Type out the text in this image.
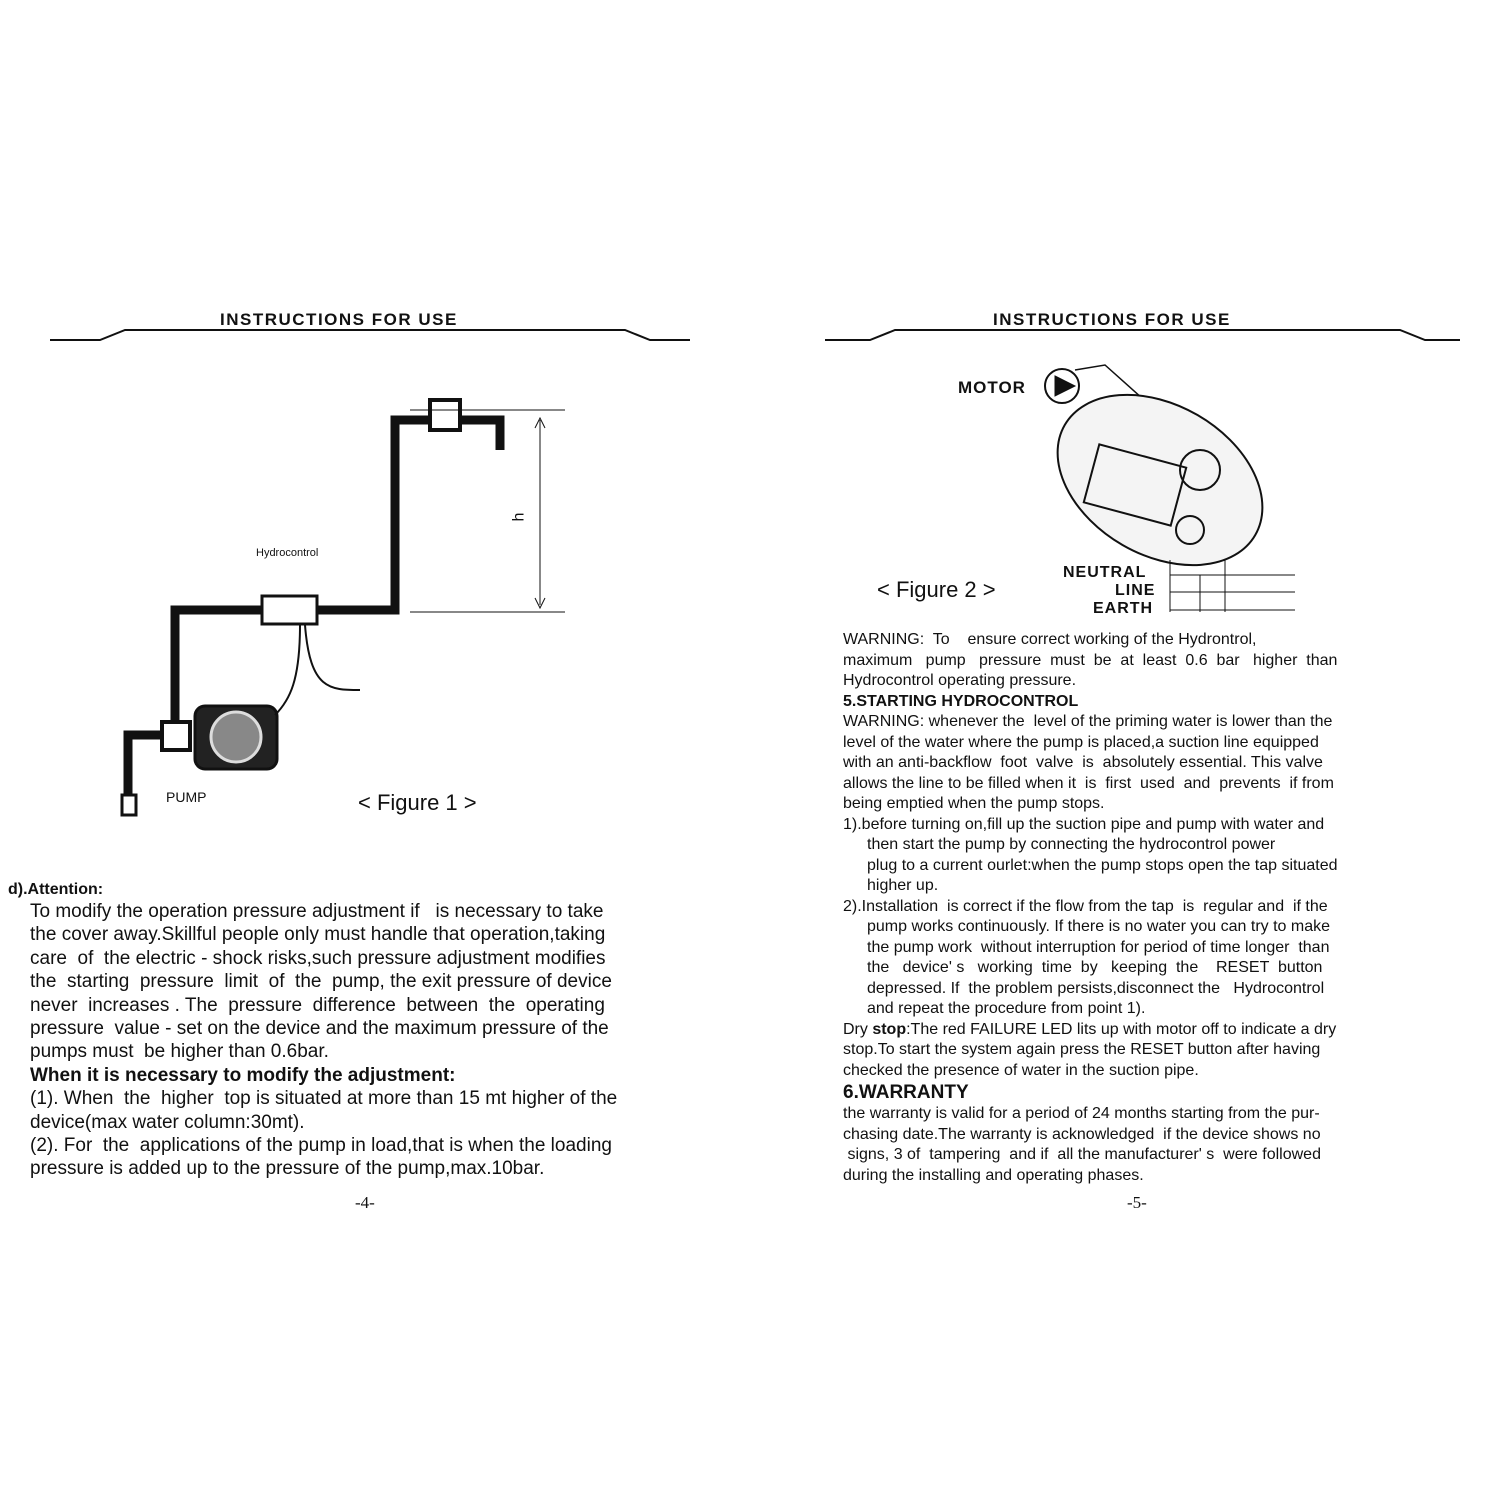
INSTRUCTIONS FOR USE
Hydrocontrol
PUMP
h
< Figure 1 >
d).Attention:
To modify the operation pressure adjustment if   is necessary to take
the cover away.Skillful people only must handle that operation,taking
care  of  the electric - shock risks,such pressure adjustment modifies
the  starting  pressure  limit  of  the  pump, the exit pressure of device
never  increases . The  pressure  difference  between  the  operating
pressure  value - set on the device and the maximum pressure of the
pumps must  be higher than 0.6bar.
When it is necessary to modify the adjustment:
(1). When  the  higher  top is situated at more than 15 mt higher of the
device(max water column:30mt).
(2). For  the  applications of the pump in load,that is when the loading
pressure is added up to the pressure of the pump,max.10bar.
-4-
INSTRUCTIONS FOR USE
MOTOR
NEUTRAL
LINE
EARTH
< Figure 2 >
WARNING:  To    ensure correct working of the Hydrontrol,
maximum   pump   pressure  must  be  at  least  0.6  bar   higher  than
Hydrocontrol operating pressure.
5.STARTING HYDROCONTROL
WARNING: whenever the  level of the priming water is lower than the
level of the water where the pump is placed,a suction line equipped
with an anti-backflow  foot  valve  is  absolutely essential. This valve
allows the line to be filled when it  is  first  used  and  prevents  if from
being emptied when the pump stops.
1).before turning on,fill up the suction pipe and pump with water and
then start the pump by connecting the hydrocontrol power
plug to a current ourlet:when the pump stops open the tap situated
higher up.
2).Installation  is correct if the flow from the tap  is  regular and  if the
pump works continuously. If there is no water you can try to make
the pump work  without interruption for period of time longer  than
the   device' s   working  time  by   keeping  the    RESET  button
depressed. If  the problem persists,disconnect the   Hydrocontrol
and repeat the procedure from point 1).
Dry stop:The red FAILURE LED lits up with motor off to indicate a dry
stop.To start the system again press the RESET button after having
checked the presence of water in the suction pipe.
6.WARRANTY
the warranty is valid for a period of 24 months starting from the pur-
chasing date.The warranty is acknowledged  if the device shows no
signs, 3 of  tampering  and if  all the manufacturer' s  were followed
during the installing and operating phases.
-5-
